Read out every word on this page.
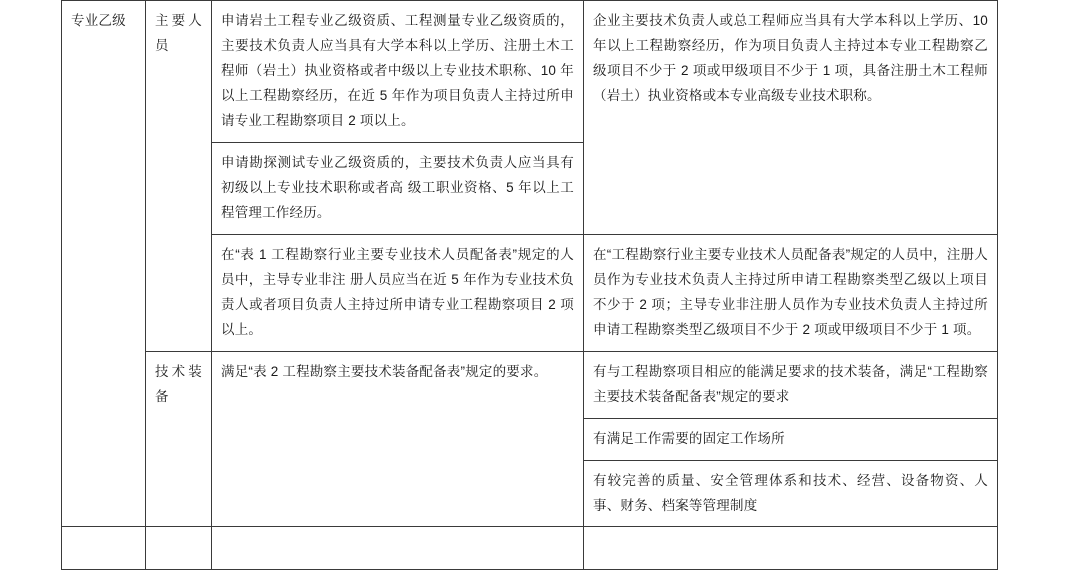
专业乙级	主要人员	申请岩土工程专业乙级资质、工程测量专业乙级资质的，主要技术负责人应当具有大学本科以上学历、注册土木工程师（岩土）执业资格或者中级以上专业技术职称、10 年以上工程勘察经历，在近 5 年作为项目负责人主持过所申请专业工程勘察项目 2 项以上。	企业主要技术负责人或总工程师应当具有大学本科以上学历、10 年以上工程勘察经历，作为项目负责人主持过本专业工程勘察乙级项目不少于 2 项或甲级项目不少于 1 项，具备注册土木工程师（岩土）执业资格或本专业高级专业技术职称。

		申请勘探测试专业乙级资质的，主要技术负责人应当具有初级以上专业技术职称或者高 级工职业资格、5 年以上工程管理工作经历。	

		在“表 1 工程勘察行业主要专业技术人员配备表”规定的人员中，主导专业非注 册人员应当在近 5 年作为专业技术负责人或者项目负责人主持过所申请专业工程勘察项目 2 项以上。	在“工程勘察行业主要专业技术人员配备表”规定的人员中，注册人员作为专业技术负责人主持过所申请工程勘察类型乙级以上项目不少于 2 项；主导专业非注册人员作为专业技术负责人主持过所申请工程勘察类型乙级项目不少于 2 项或甲级项目不少于 1 项。

	技术装备	满足“表 2 工程勘察主要技术装备配备表”规定的要求。	有与工程勘察项目相应的能满足要求的技术装备，满足“工程勘察主要技术装备配备表”规定的要求

			有满足工作需要的固定工作场所

			有较完善的质量、安全管理体系和技术、经营、设备物资、人事、财务、档案等管理制度
